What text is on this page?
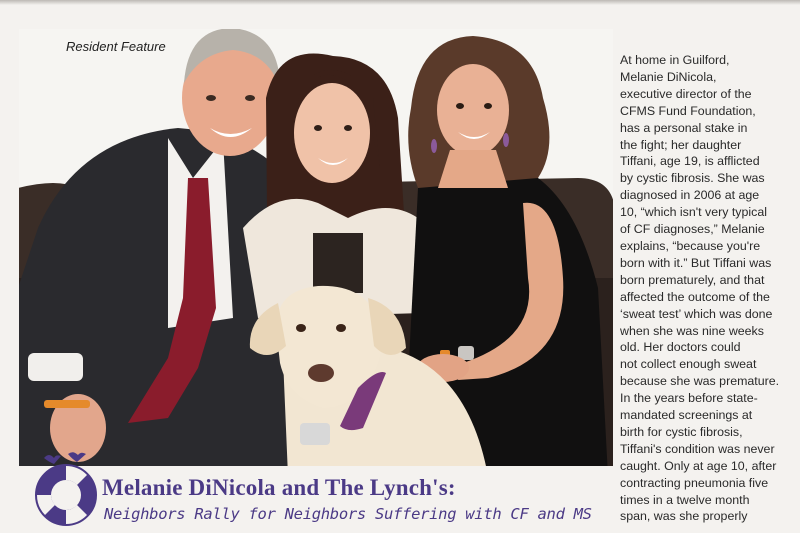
Resident Feature
At home in Guilford,
Melanie DiNicola,
executive director of the
CFMS Fund Foundation,
has a personal stake in
the fight; her daughter
Tiffani, age 19, is afflicted
by cystic fibrosis. She was
diagnosed in 2006 at age
10, “which isn't very typical
of CF diagnoses,” Melanie
explains, “because you're
born with it.” But Tiffani was
born prematurely, and that
affected the outcome of the
‘sweat test’ which was done
when she was nine weeks
old. Her doctors could
not collect enough sweat
because she was premature.
In the years before state-
mandated screenings at
birth for cystic fibrosis,
Tiffani's condition was never
caught. Only at age 10, after
contracting pneumonia five
times in a twelve month
span, was she properly
Melanie DiNicola and The Lynch's:
Neighbors Rally for Neighbors Suffering with CF and MS
